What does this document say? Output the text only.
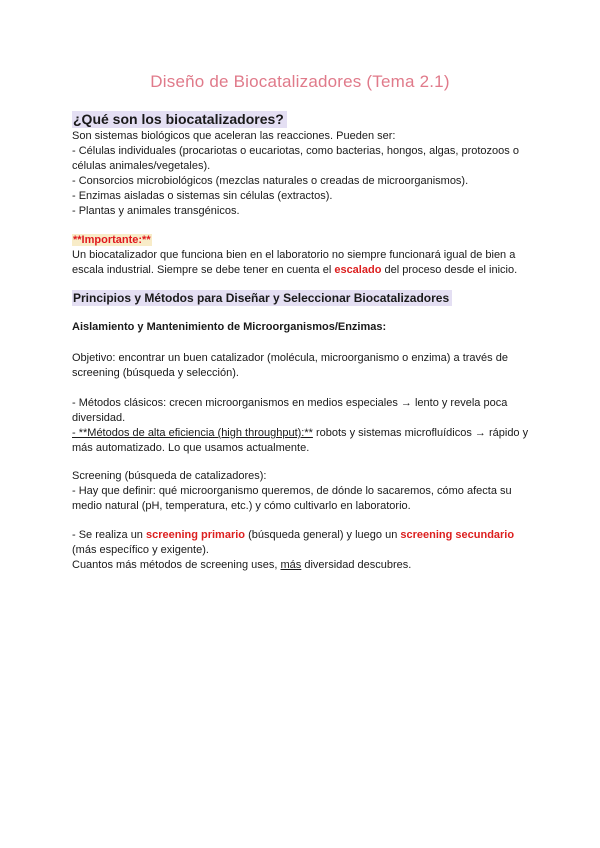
Diseño de Biocatalizadores (Tema 2.1)
¿Qué son los biocatalizadores?

Son sistemas biológicos que aceleran las reacciones. Pueden ser:

- Células individuales (procariotas o eucariotas, como bacterias, hongos, algas, protozoos o células animales/vegetales).

- Consorcios microbiológicos (mezclas naturales o creadas de microorganismos).

- Enzimas aisladas o sistemas sin células (extractos).

- Plantas y animales transgénicos.

**Importante:**

Un biocatalizador que funciona bien en el laboratorio no siempre funcionará igual de bien a escala industrial. Siempre se debe tener en cuenta el escalado del proceso desde el inicio.

Principios y Métodos para Diseñar y Seleccionar Biocatalizadores
Aislamiento y Mantenimiento de Microorganismos/Enzimas:

Objetivo: encontrar un buen catalizador (molécula, microorganismo o enzima) a través de screening (búsqueda y selección).

- Métodos clásicos: crecen microorganismos en medios especiales → lento y revela poca diversidad.

- **Métodos de alta eficiencia (high throughput):** robots y sistemas microfluídicos → rápido y más automatizado. Lo que usamos actualmente.

Screening (búsqueda de catalizadores):

- Hay que definir: qué microorganismo queremos, de dónde lo sacaremos, cómo afecta su medio natural (pH, temperatura, etc.) y cómo cultivarlo en laboratorio.

- Se realiza un screening primario (búsqueda general) y luego un screening secundario (más específico y exigente).

Cuantos más métodos de screening uses, más diversidad descubres.
